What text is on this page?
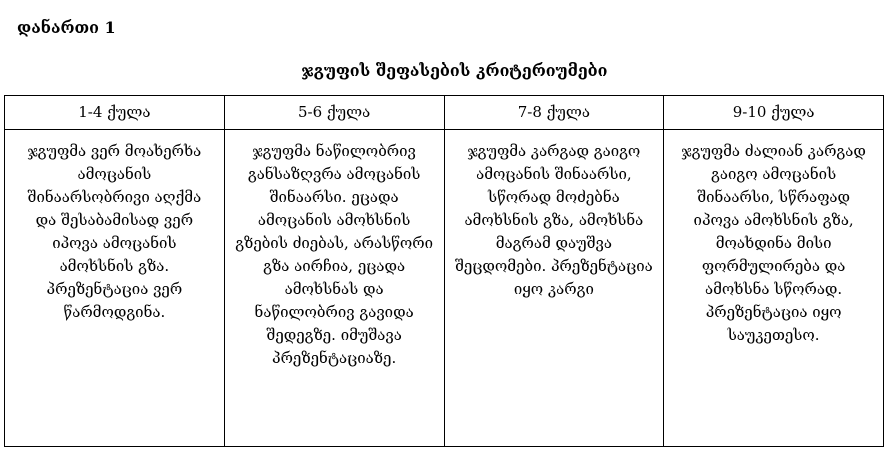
დანართი 1
ჯგუფის შეფასების კრიტერიუმები
1-4 ქულა	5-6 ქულა	7-8 ქულა	9-10 ქულა
ჯგუფმა ვერ მოახერხა ამოცანის შინაარსობრივი აღქმა და შესაბამისად ვერ იპოვა ამოცანის ამოხსნის გზა. პრეზენტაცია ვერ წარმოდგინა.	ჯგუფმა ნაწილობრივ განსაზღვრა ამოცანის შინაარსი. ეცადა ამოცანის ამოხსნის გზების ძიებას, არასწორი გზა აირჩია, ეცადა ამოხსნას და ნაწილობრივ გავიდა შედეგზე. იმუშავა პრეზენტაციაზე.	ჯგუფმა კარგად გაიგო ამოცანის შინაარსი, სწორად მოძებნა ამოხსნის გზა, ამოხსნა მაგრამ დაუშვა შეცდომები. პრეზენტაცია იყო კარგი	ჯგუფმა ძალიან კარგად გაიგო ამოცანის შინაარსი, სწრაფად იპოვა ამოხსნის გზა, მოახდინა მისი ფორმულირება და ამოხსნა სწორად. პრეზენტაცია იყო საუკეთესო.
